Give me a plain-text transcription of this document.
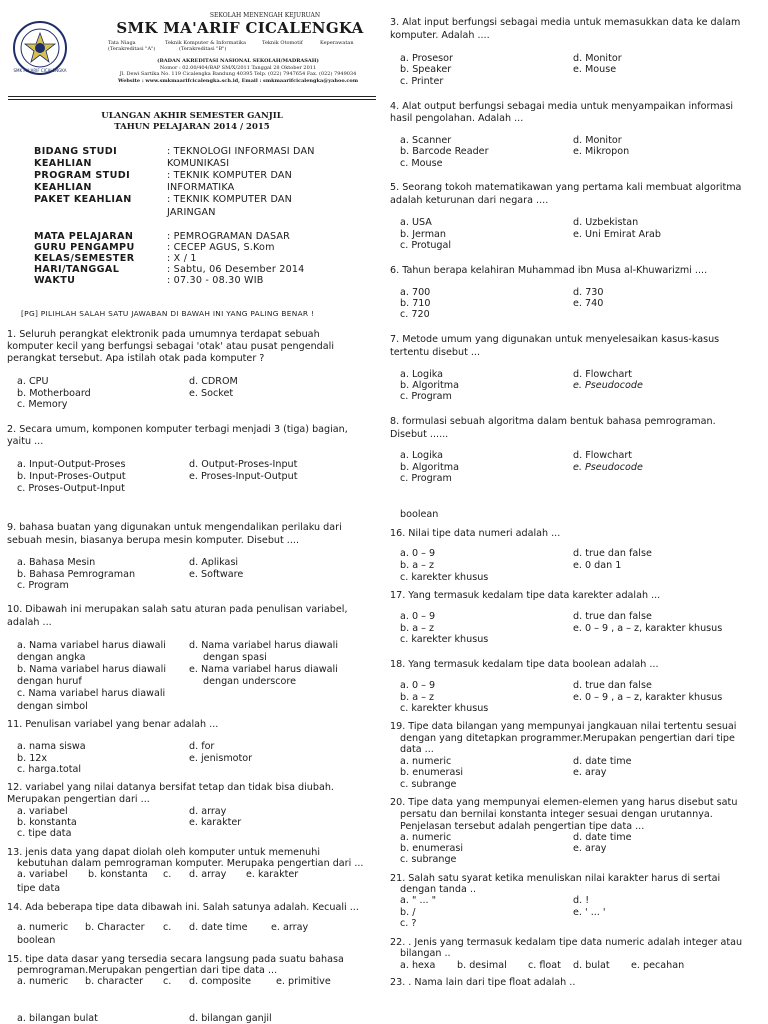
SMK MA'ARIF CICALENGKA
SEKOLAH MENENGAH KEJURUAN
SMK MA'ARIF CICALENGKA
Tata Niaga
(Terakreditasi "A")
Teknik Komputer & Informatika
(Terakreditasi "B")
Teknik Otomotif	Keperawatan
(BADAN AKREDITASI NASIONAL SEKOLAH/MADRASAH)
Nomor : 02.00/404/BAP SM/X/2011 Tanggal 28 Oktober 2011
Jl. Dewi Sartika No. 119 Cicalengka Bandung 40395 Telp. (022) 7947654 Fax. (022) 7949034
Website : www.smkmaarifcicalengka.sch.id, Email : smkmaarifcicalengka@yahoo.com
ULANGAN AKHIR SEMESTER GANJIL
TAHUN PELAJARAN 2014 / 2015
BIDANG STUDI	: TEKNOLOGI INFORMASI DAN
KEAHLIAN	KOMUNIKASI
PROGRAM STUDI	: TEKNIK KOMPUTER DAN
KEAHLIAN	INFORMATIKA
PAKET KEAHLIAN	: TEKNIK KOMPUTER DAN
JARINGAN
MATA PELAJARAN	: PEMROGRAMAN DASAR
GURU PENGAMPU	: CECEP AGUS, S.Kom
KELAS/SEMESTER	: X / 1
HARI/TANGGAL	: Sabtu, 06 Desember 2014
WAKTU	: 07.30 - 08.30 WIB
[PG] PILIHLAH SALAH SATU JAWABAN DI BAWAH INI YANG PALING BENAR !
1. Seluruh perangkat elektronik pada umumnya terdapat sebuah
komputer kecil yang berfungsi sebagai 'otak' atau pusat pengendali
perangkat tersebut. Apa istilah otak pada komputer ?
a. CPU	d. CDROM
b. Motherboard	e. Socket
c. Memory
2. Secara umum, komponen komputer terbagi menjadi 3 (tiga) bagian,
yaitu ...
a. Input-Output-Proses	d. Output-Proses-Input
b. Input-Proses-Output	e. Proses-Input-Output
c. Proses-Output-Input
9. bahasa buatan yang digunakan untuk mengendalikan perilaku dari
sebuah mesin, biasanya berupa mesin komputer. Disebut ....
a. Bahasa Mesin	d. Aplikasi
b. Bahasa Pemrograman	e. Software
c. Program
10. Dibawah ini merupakan salah satu aturan pada penulisan variabel,
adalah ...
a. Nama variabel harus diawali d. Nama variabel harus diawali
dengan angka	dengan spasi
b. Nama variabel harus diawali e. Nama variabel harus diawali
dengan huruf	dengan underscore
c. Nama variabel harus diawali
dengan simbol
11. Penulisan variabel yang benar adalah ...
a. nama siswa	d. for
b. 12x	e. jenismotor
c. harga.total
12. variabel yang nilai datanya bersifat tetap dan tidak bisa diubah.
Merupakan pengertian dari ...
a. variabel	d. array
b. konstanta	e. karakter
c. tipe data
13. jenis data yang dapat diolah oleh komputer untuk memenuhi
kebutuhan dalam pemrograman komputer. Merupaka pengertian dari ...
a. variabel b. konstanta c. d. array e. karakter
tipe data
14. Ada beberapa tipe data dibawah ini. Salah satunya adalah. Kecuali ...
a. numeric b. Character c. d. date time e. array
boolean
15. tipe data dasar yang tersedia secara langsung pada suatu bahasa
pemrograman.Merupakan pengertian dari tipe data ...
a. numeric b. character c. d. composite	e. primitive
a. bilangan bulat	d. bilangan ganjil
3. Alat input berfungsi sebagai media untuk memasukkan data ke dalam
komputer. Adalah ....
a. Prosesor	d. Monitor
b. Speaker	e. Mouse
c. Printer
4. Alat output berfungsi sebagai media untuk menyampaikan informasi
hasil pengolahan. Adalah ...
a. Scanner	d. Monitor
b. Barcode Reader	e. Mikropon
c. Mouse
5. Seorang tokoh matematikawan yang pertama kali membuat algoritma
adalah keturunan dari negara ....
a. USA	d. Uzbekistan
b. Jerman	e. Uni Emirat Arab
c. Protugal
6. Tahun berapa kelahiran Muhammad ibn Musa al-Khuwarizmi ....
a. 700	d. 730
b. 710	e. 740
c. 720
7. Metode umum yang digunakan untuk menyelesaikan kasus-kasus
tertentu disebut ...
a. Logika	d. Flowchart
b. Algoritma	e. Pseudocode
c. Program
8. formulasi sebuah algoritma dalam bentuk bahasa pemrograman.
Disebut ......
a. Logika	d. Flowchart
b. Algoritma	e. Pseudocode
c. Program
boolean
16. Nilai tipe data numeri adalah ...
a. 0 – 9	d. true dan false
b. a – z	e. 0 dan 1
c. karekter khusus
17. Yang termasuk kedalam tipe data karekter adalah ...
a. 0 – 9	d. true dan false
b. a – z	e. 0 – 9 , a – z, karakter khusus
c. karekter khusus
18. Yang termasuk kedalam tipe data boolean adalah ...
a. 0 – 9	d. true dan false
b. a – z	e. 0 – 9 , a – z, karakter khusus
c. karekter khusus
19. Tipe data bilangan yang mempunyai jangkauan nilai tertentu sesuai
dengan yang ditetapkan programmer.Merupakan pengertian dari tipe
data ...
a. numeric	d. date time
b. enumerasi	e. aray
c. subrange
20. Tipe data yang mempunyai elemen-elemen yang harus disebut satu
persatu dan bernilai konstanta integer sesuai dengan urutannya.
Penjelasan tersebut adalah pengertian tipe data ...
a. numeric	d. date time
b. enumerasi	e. aray
c. subrange
21. Salah satu syarat ketika menuliskan nilai karakter harus di sertai
dengan tanda ..
a. " ... "	d. !
b. /	e. ' ... '
c. ?
22. . Jenis yang termasuk kedalam tipe data numeric adalah integer atau
bilangan ..
a. hexa b. desimal c. float d. bulat e. pecahan
23. . Nama lain dari tipe float adalah ..
